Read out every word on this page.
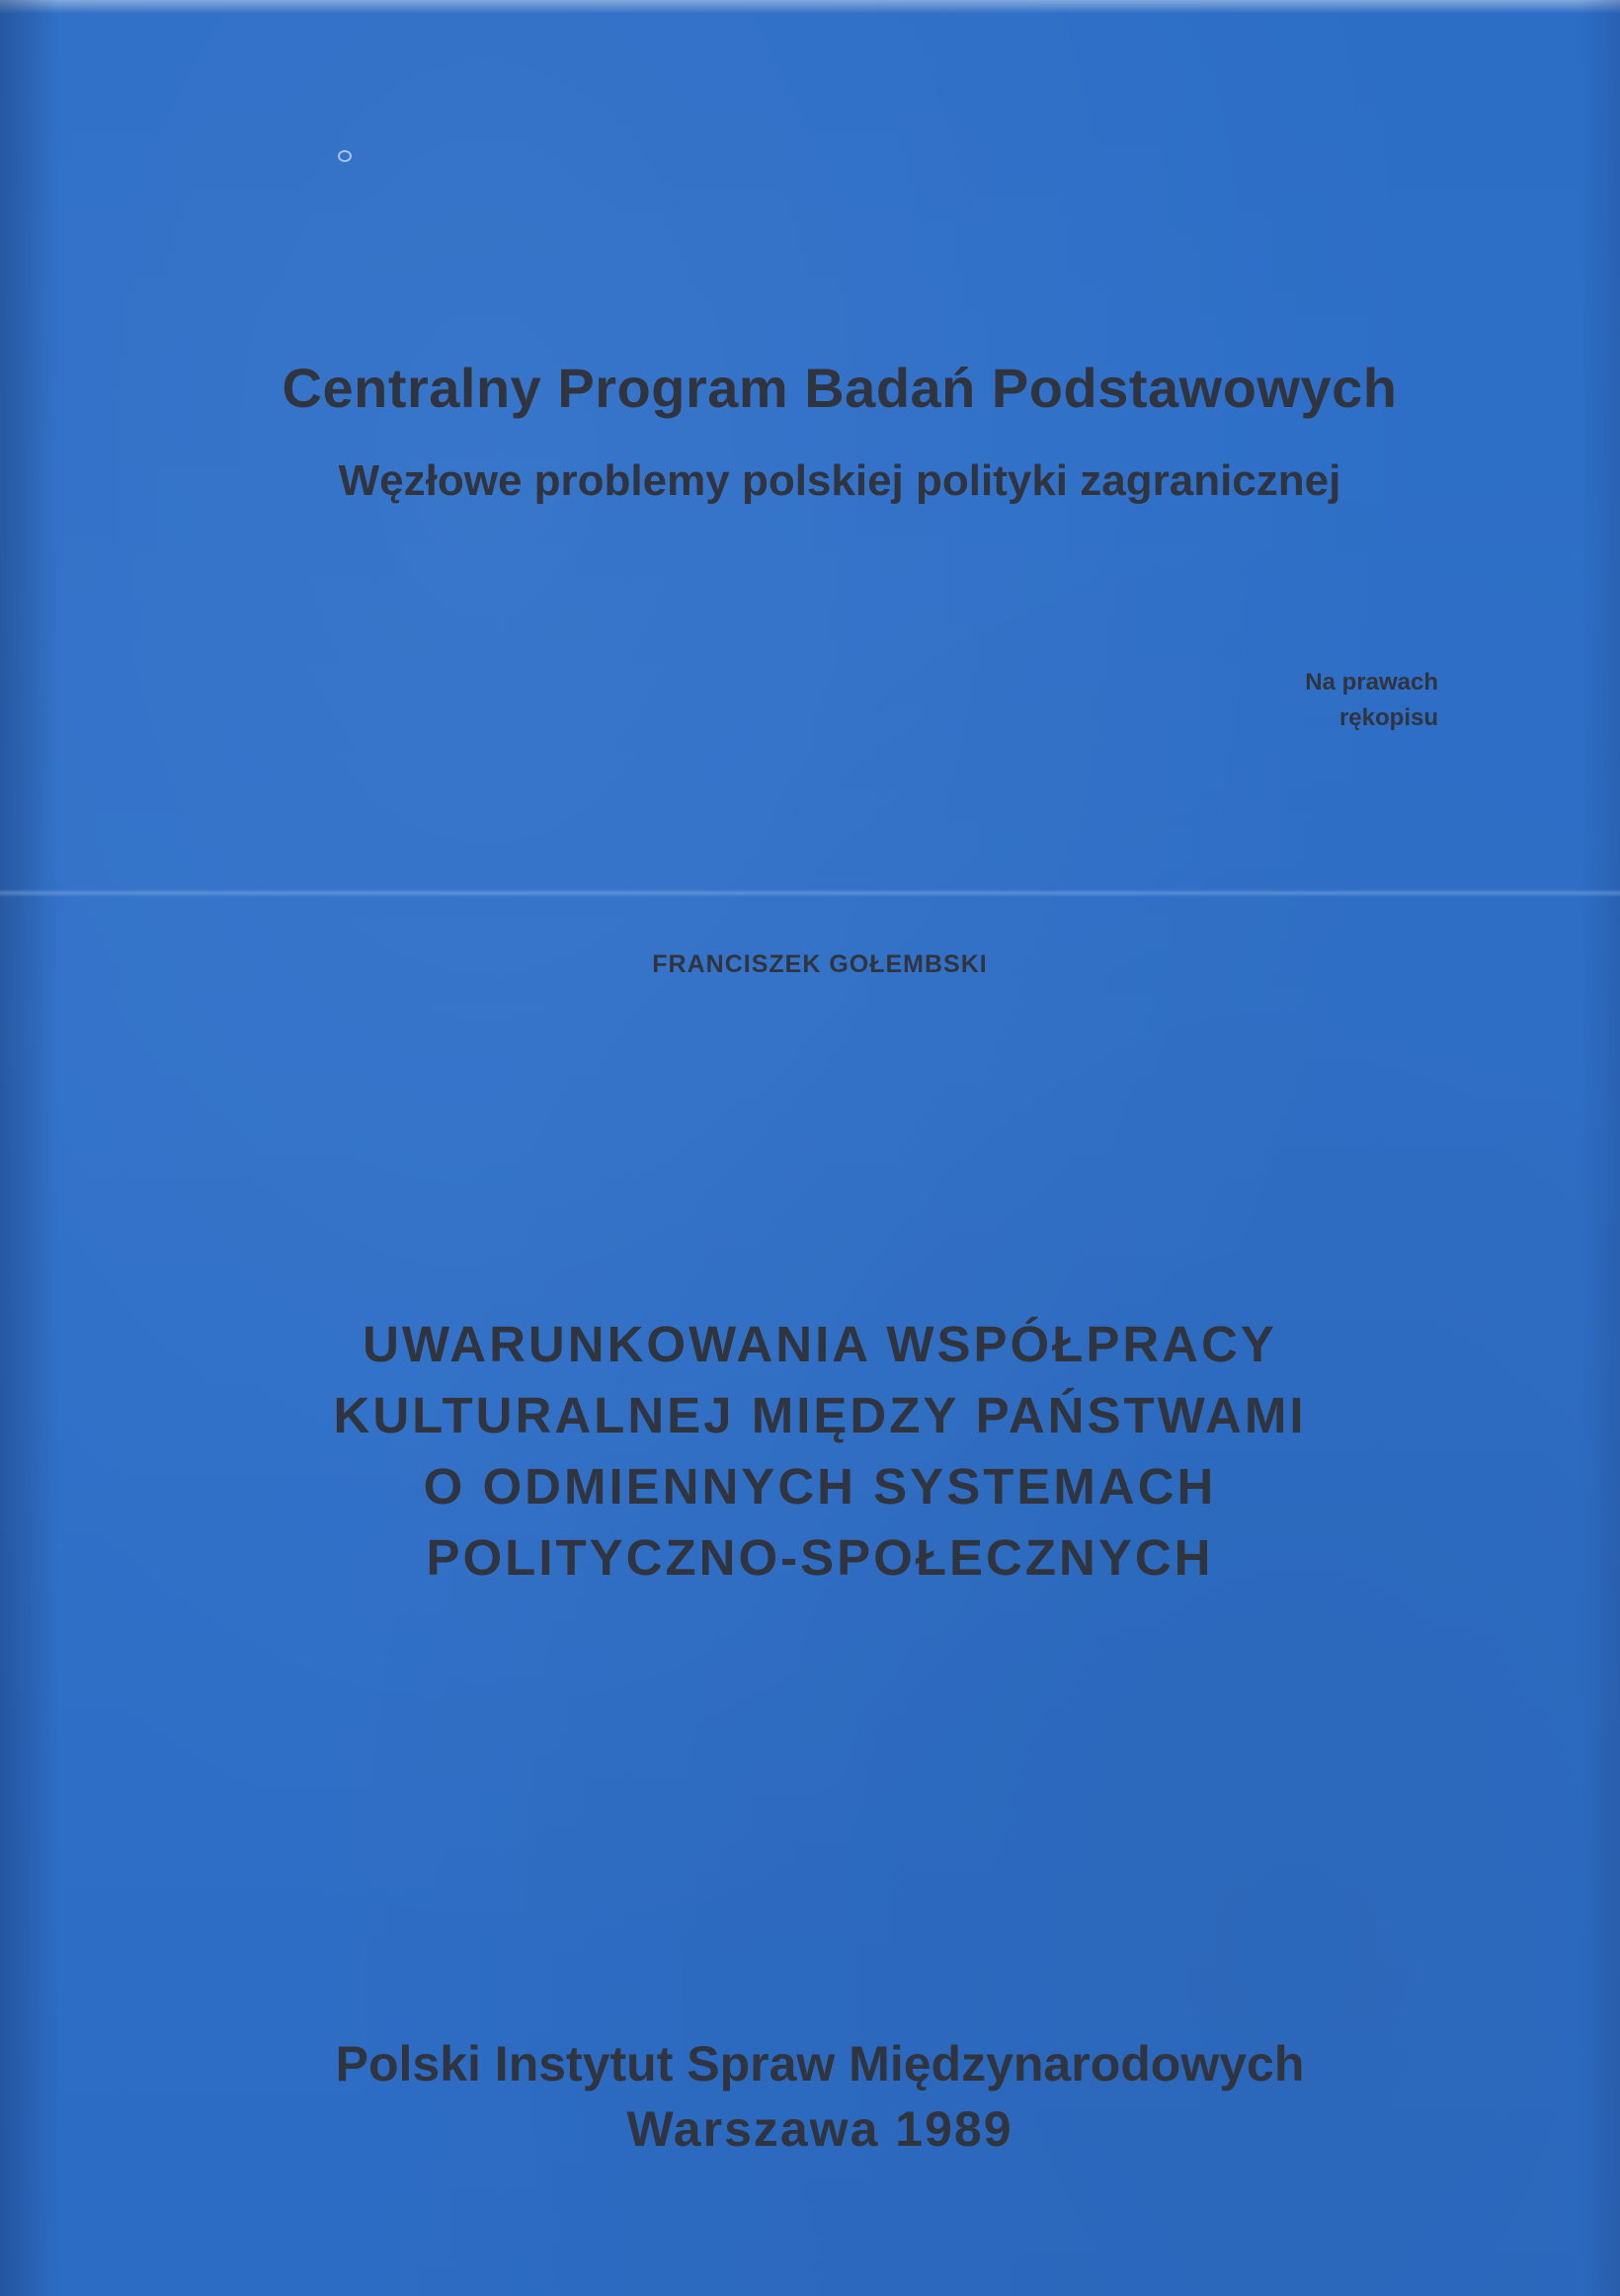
Centralny Program Badań Podstawowych
Węzłowe problemy polskiej polityki zagranicznej
Na prawach
rękopisu
FRANCISZEK GOŁEMBSKI
UWARUNKOWANIA WSPÓŁPRACY
KULTURALNEJ MIĘDZY PAŃSTWAMI
O ODMIENNYCH SYSTEMACH
POLITYCZNO-SPOŁECZNYCH
Polski Instytut Spraw Międzynarodowych
Warszawa 1989
